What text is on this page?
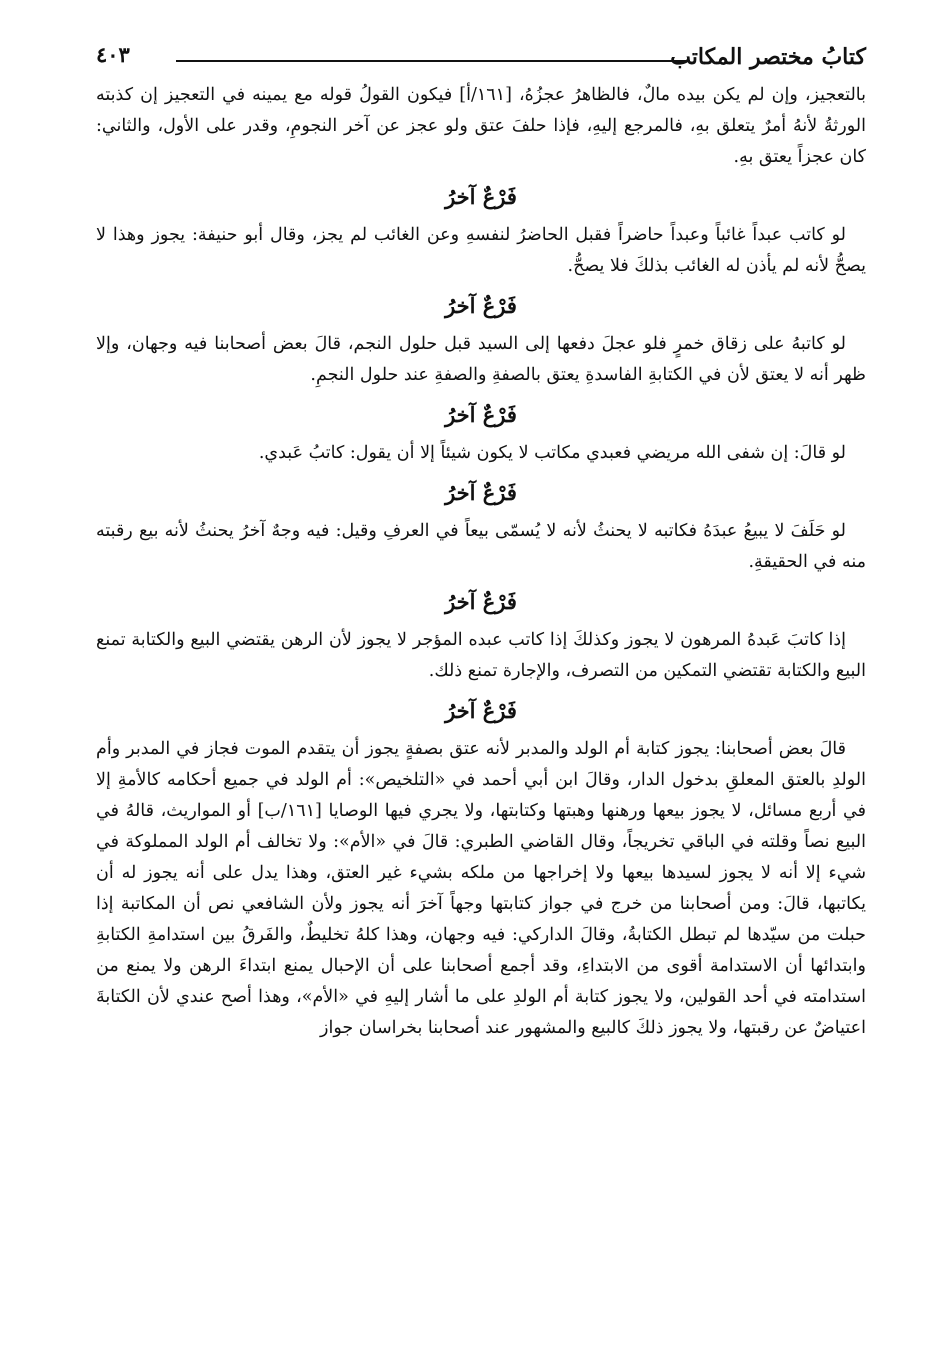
كتابُ مختصر المكاتب
٤٠٣

بالتعجيز، وإن لم يكن بيده مالٌ، فالظاهرُ عجزُهُ، [١٦١/أ] فيكون القولُ قوله مع يمينه في التعجيز إن كذبته الورثةُ لأنهُ أمرٌ يتعلق بهِ، فالمرجع إليهِ، فإذا حلفَ عتق ولو عجز عن آخر النجومِ، وقدر على الأول، والثاني: كان عجزاً يعتق بهِ.

فَرْعٌ آخرُ

لو كاتب عبداً غائباً وعبداً حاضراً فقبل الحاضرُ لنفسهِ وعن الغائب لم يجز، وقال أبو حنيفة: يجوز وهذا لا يصحُّ لأنه لم يأذن له الغائب بذلكَ فلا يصحُّ.

فَرْعٌ آخرُ

لو كاتبهُ على زقاق خمرٍ فلو عجلَ دفعها إلى السيد قبل حلول النجم، قالَ بعض أصحابنا فيه وجهان، وإلا ظهر أنه لا يعتق لأن في الكتابةِ الفاسدةِ يعتق بالصفةِ والصفةِ عند حلول النجمِ.

فَرْعٌ آخرُ

لو قالَ: إن شفى الله مريضي فعبدي مكاتب لا يكون شيئاً إلا أن يقول: كاتبُ عَبدي.

فَرْعٌ آخرُ

لو حَلَفَ لا يبيعُ عبدَهُ فكاتبه لا يحنثُ لأنه لا يُسمّى بيعاً في العرفِ وقيل: فيه وجهٌ آخرُ يحنثُ لأنه بيع رقبته منه في الحقيقةِ.

فَرْعٌ آخرُ

إذا كاتبَ عَبدهُ المرهون لا يجوز وكذلكَ إذا كاتب عبده المؤجر لا يجوز لأن الرهن يقتضي البيع والكتابة تمنع البيع والكتابة تقتضي التمكين من التصرف، والإجارة تمنع ذلك.

فَرْعٌ آخرُ

قالَ بعض أصحابنا: يجوز كتابة أم الولد والمدبر لأنه عتق بصفةٍ يجوز أن يتقدم الموت فجاز في المدبر وأم الولدِ بالعتق المعلقِ بدخول الدار، وقالَ ابن أبي أحمد في «التلخيص»: أم الولد في جميع أحكامه كالأمةِ إلا في أربع مسائل، لا يجوز بيعها ورهنها وهبتها وكتابتها، ولا يجري فيها الوصايا [١٦١/ب] أو المواريث، قالهُ في البيع نصاً وقلته في الباقي تخريجاً، وقال القاضي الطبري: قالَ في «الأم»: ولا تخالف أم الولد المملوكة في شيء إلا أنه لا يجوز لسيدها بيعها ولا إخراجها من ملكه بشيء غير العتق، وهذا يدل على أنه يجوز له أن يكاتبها، قالَ: ومن أصحابنا من خرج في جواز كتابتها وجهاً آخرَ أنه يجوز ولأن الشافعي نص أن المكاتبة إذا حبلت من سيّدها لم تبطل الكتابةُ، وقالَ الداركي: فيه وجهان، وهذا كلهُ تخليطٌ، والفَرقُ بين استدامةِ الكتابةِ وابتدائها أن الاستدامة أقوى من الابتداءِ، وقد أجمع أصحابنا على أن الإحبال يمنع ابتداءَ الرهن ولا يمنع من استدامته في أحد القولين، ولا يجوز كتابة أم الولدِ على ما أشار إليهِ في «الأم»، وهذا أصح عندي لأن الكتابةَ اعتياضٌ عن رقبتها، ولا يجوز ذلكَ كالبيع والمشهور عند أصحابنا بخراسان جواز
